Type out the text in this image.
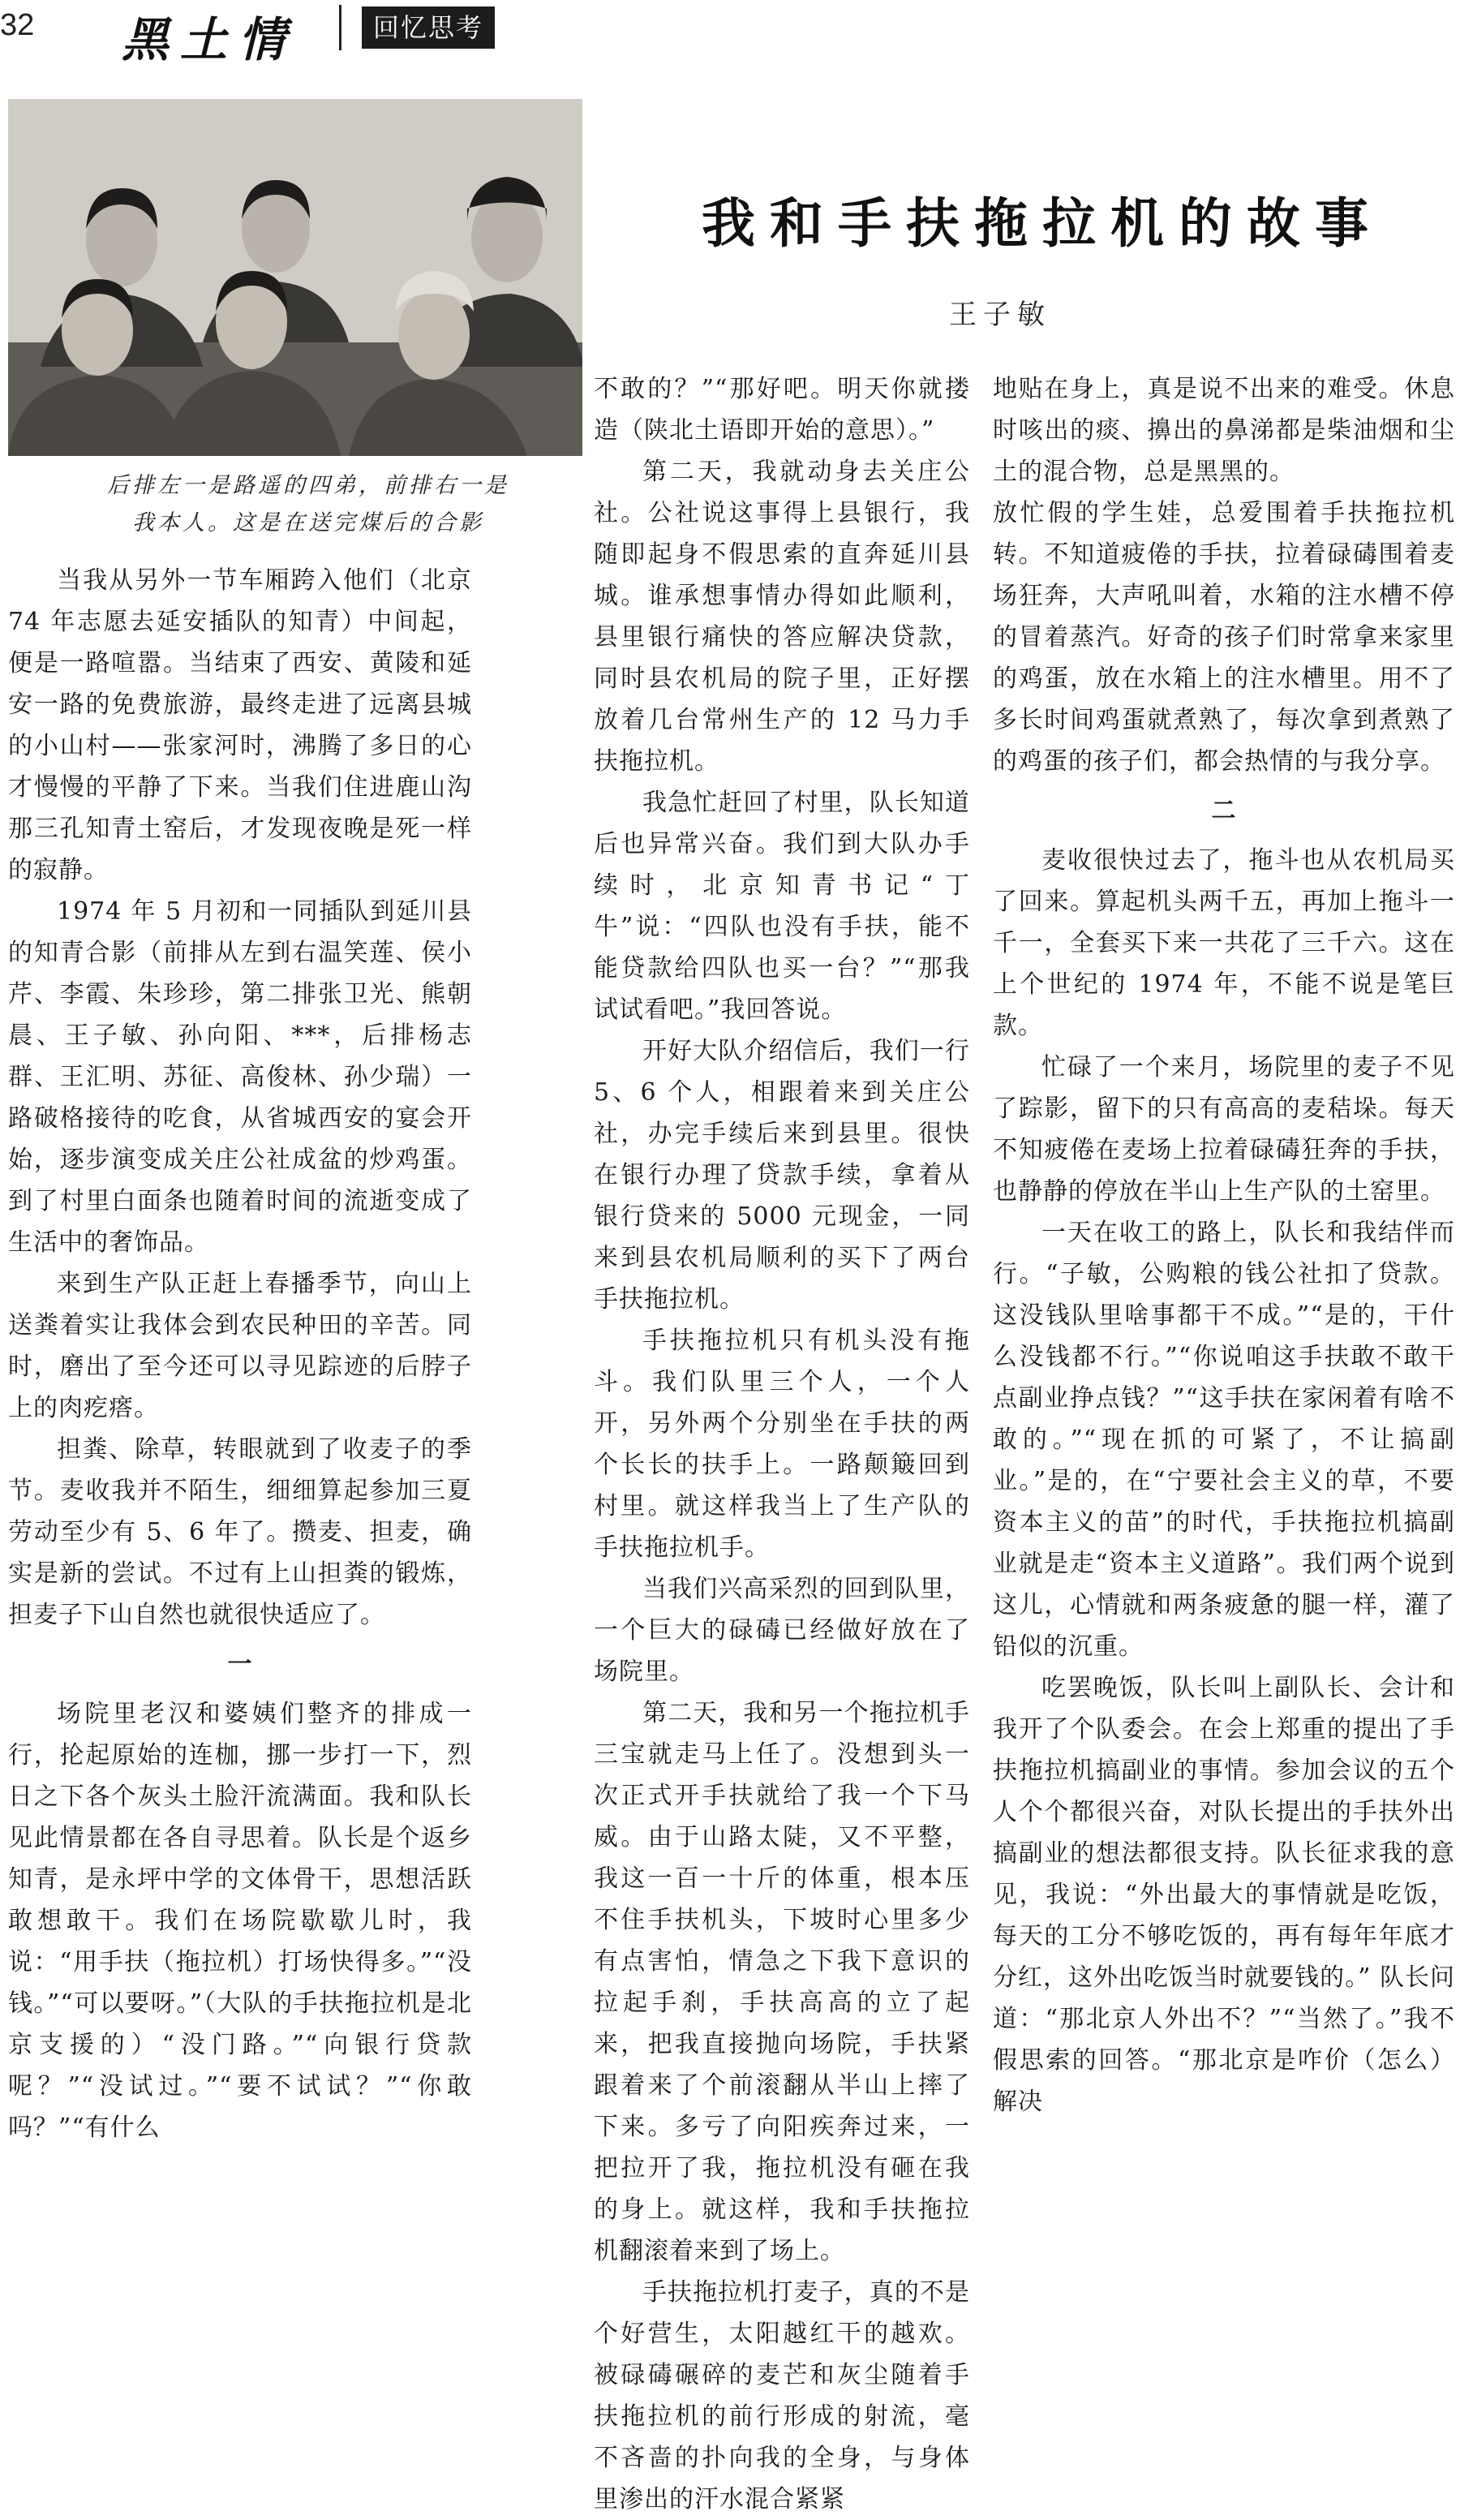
32 黑土情	回忆思考
后排左一是路遥的四弟，前排右一是
我本人。这是在送完煤后的合影
我和手扶拖拉机的故事
王子敏

当我从另外一节车厢跨入他们（北京 74 年志愿去延安插队的知青）中间起，便是一路喧嚣。当结束了西安、黄陵和延安一路的免费旅游，最终走进了远离县城的小山村——张家河时，沸腾了多日的心才慢慢的平静了下来。当我们住进鹿山沟那三孔知青土窑后，才发现夜晚是死一样的寂静。

1974 年 5 月初和一同插队到延川县的知青合影（前排从左到右温笑莲、侯小芹、李霞、朱珍珍，第二排张卫光、熊朝晨、王子敏、孙向阳、***，后排杨志群、王汇明、苏征、高俊林、孙少瑞）一路破格接待的吃食，从省城西安的宴会开始，逐步演变成关庄公社成盆的炒鸡蛋。到了村里白面条也随着时间的流逝变成了生活中的奢饰品。

来到生产队正赶上春播季节，向山上送粪着实让我体会到农民种田的辛苦。同时，磨出了至今还可以寻见踪迹的后脖子上的肉疙瘩。

担粪、除草，转眼就到了收麦子的季节。麦收我并不陌生，细细算起参加三夏劳动至少有 5、6 年了。攒麦、担麦，确实是新的尝试。不过有上山担粪的锻炼，担麦子下山自然也就很快适应了。

一

场院里老汉和婆姨们整齐的排成一行，抡起原始的连枷，挪一步打一下，烈日之下各个灰头土脸汗流满面。我和队长见此情景都在各自寻思着。队长是个返乡知青，是永坪中学的文体骨干，思想活跃敢想敢干。我们在场院歇歇儿时，我说：“用手扶（拖拉机）打场快得多。”“没钱。”“可以要呀。”（大队的手扶拖拉机是北京支援的）“没门路。”“向银行贷款呢？”“没试过。”“要不试试？”“你敢吗？”“有什么

不敢的？”“那好吧。明天你就搂造（陕北土语即开始的意思）。”

第二天，我就动身去关庄公社。公社说这事得上县银行，我随即起身不假思索的直奔延川县城。谁承想事情办得如此顺利，县里银行痛快的答应解决贷款，同时县农机局的院子里，正好摆放着几台常州生产的 12 马力手扶拖拉机。

我急忙赶回了村里，队长知道后也异常兴奋。我们到大队办手续时，北京知青书记“丁牛”说：“四队也没有手扶，能不能贷款给四队也买一台？”“那我试试看吧。”我回答说。

开好大队介绍信后，我们一行 5、6 个人，相跟着来到关庄公社，办完手续后来到县里。很快在银行办理了贷款手续，拿着从银行贷来的 5000 元现金，一同来到县农机局顺利的买下了两台手扶拖拉机。

手扶拖拉机只有机头没有拖斗。我们队里三个人，一个人开，另外两个分别坐在手扶的两个长长的扶手上。一路颠簸回到村里。就这样我当上了生产队的手扶拖拉机手。

当我们兴高采烈的回到队里，一个巨大的碌碡已经做好放在了场院里。

第二天，我和另一个拖拉机手三宝就走马上任了。没想到头一次正式开手扶就给了我一个下马威。由于山路太陡，又不平整，我这一百一十斤的体重，根本压不住手扶机头，下坡时心里多少有点害怕，情急之下我下意识的拉起手刹，手扶高高的立了起来，把我直接抛向场院，手扶紧跟着来了个前滚翻从半山上摔了下来。多亏了向阳疾奔过来，一把拉开了我，拖拉机没有砸在我的身上。就这样，我和手扶拖拉机翻滚着来到了场上。

手扶拖拉机打麦子，真的不是个好营生，太阳越红干的越欢。被碌碡碾碎的麦芒和灰尘随着手扶拖拉机的前行形成的射流，毫不吝啬的扑向我的全身，与身体里渗出的汗水混合紧紧

地贴在身上，真是说不出来的难受。休息时咳出的痰、擤出的鼻涕都是柴油烟和尘土的混合物，总是黑黑的。

放忙假的学生娃，总爱围着手扶拖拉机转。不知道疲倦的手扶，拉着碌碡围着麦场狂奔，大声吼叫着，水箱的注水槽不停的冒着蒸汽。好奇的孩子们时常拿来家里的鸡蛋，放在水箱上的注水槽里。用不了多长时间鸡蛋就煮熟了，每次拿到煮熟了的鸡蛋的孩子们，都会热情的与我分享。

二

麦收很快过去了，拖斗也从农机局买了回来。算起机头两千五，再加上拖斗一千一，全套买下来一共花了三千六。这在上个世纪的 1974 年，不能不说是笔巨款。

忙碌了一个来月，场院里的麦子不见了踪影，留下的只有高高的麦秸垛。每天不知疲倦在麦场上拉着碌碡狂奔的手扶，也静静的停放在半山上生产队的土窑里。

一天在收工的路上，队长和我结伴而行。“子敏，公购粮的钱公社扣了贷款。这没钱队里啥事都干不成。”“是的，干什么没钱都不行。”“你说咱这手扶敢不敢干点副业挣点钱？”“这手扶在家闲着有啥不敢的。”“现在抓的可紧了，不让搞副业。”是的，在“宁要社会主义的草，不要资本主义的苗”的时代，手扶拖拉机搞副业就是走“资本主义道路”。我们两个说到这儿，心情就和两条疲惫的腿一样，灌了铅似的沉重。

吃罢晚饭，队长叫上副队长、会计和我开了个队委会。在会上郑重的提出了手扶拖拉机搞副业的事情。参加会议的五个人个个都很兴奋，对队长提出的手扶外出搞副业的想法都很支持。队长征求我的意见，我说：“外出最大的事情就是吃饭，每天的工分不够吃饭的，再有每年年底才分红，这外出吃饭当时就要钱的。” 队长问道：“那北京人外出不？”“当然了。”我不假思索的回答。“那北京是咋价（怎么）解决
